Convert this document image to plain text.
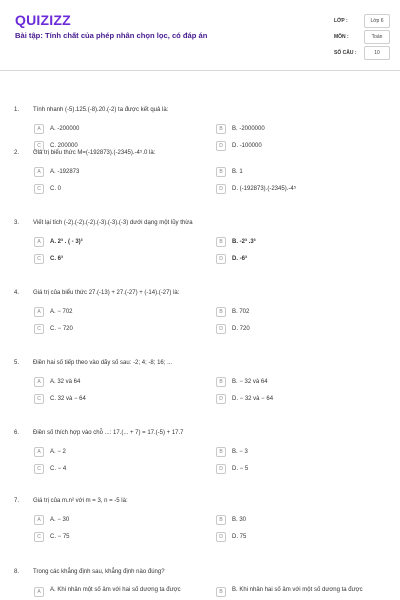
QUIZIZZ
Bài tập: Tính chất của phép nhân chọn lọc, có đáp án
LỚP :	Lớp 6
MÔN :	Toán
SỐ CÂU :	10
1. Tính nhanh (-5).125.(-8).20.(-2) ta được kết quả là:
A	A. -200000	B	B. -2000000
C	C. 200000	D	D. -100000
2. Giá trị biểu thức M=(-192873).(-2345).-4⁵.0 là:
A	A. -192873	B	B. 1
C	C. 0	D	D. (-192873).(-2345).-4⁵
3. Viết lại tích (-2).(-2).(-2).(-3).(-3).(-3) dưới dạng một lũy thừa
A	A. 2³ . ( - 3)³	B	B. -2³ .3³
C	C. 6³	D	D. -6³
4. Giá trị của biểu thức 27.(-13) + 27.(-27) + (-14).(-27) là:
A	A. − 702	B	B. 702
C	C. − 720	D	D. 720
5. Điền hai số tiếp theo vào dãy số sau: -2; 4; -8; 16; ...
A	A. 32 và 64	B	B. − 32 và 64
C	C. 32 và − 64	D	D. − 32 và − 64
6. Điền số thích hợp vào chỗ ...: 17.(... + 7) = 17.(-5) + 17.7
A	A. − 2	B	B. − 3
C	C. − 4	D	D. − 5
7. Giá trị của m.n² với m = 3, n = -5 là:
A	A. − 30	B	B. 30
C	C. − 75	D	D. 75
8. Trong các khẳng định sau, khẳng định nào đúng?
A	A. Khi nhân một số âm với hai số dương ta được	B	B. Khi nhân hai số âm với một số dương ta được
